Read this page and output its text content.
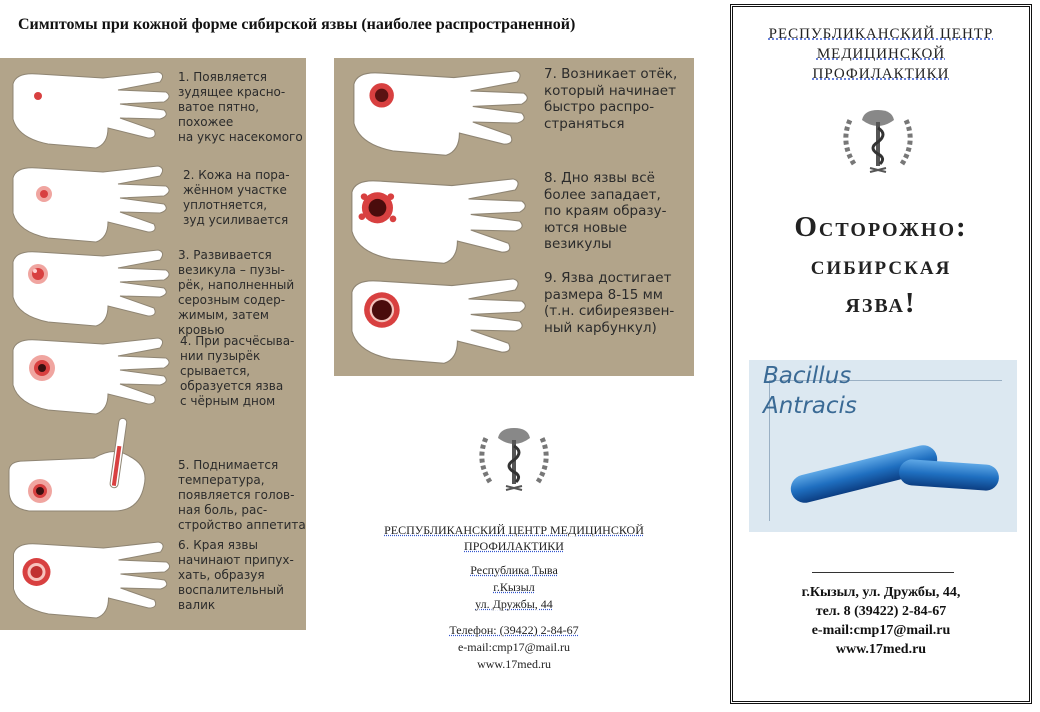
Симптомы при кожной форме сибирской язвы (наиболее распространенной)
1. Появляется
зудящее красно-
ватое пятно,
похожее
на укус насекомого
2. Кожа на пора-
жённом участке
уплотняется,
зуд усиливается
3. Развивается
везикула – пузы-
рёк, наполненный
серозным содер-
жимым, затем
кровью
4. При расчёсыва-
нии пузырёк
срывается,
образуется язва
с чёрным дном
5. Поднимается
температура,
появляется голов-
ная боль, рас-
стройство аппетита
6. Края язвы
начинают припух-
хать, образуя
воспалительный
валик
7. Возникает отёк,
который начинает
быстро распро-
страняться
8. Дно язвы всё
более западает,
по краям образу-
ются новые
везикулы
9. Язва достигает
размера 8-15 мм
(т.н. сибиреязвен-
ный карбункул)
РЕСПУБЛИКАНСКИЙ ЦЕНТР МЕДИЦИНСКОЙ
ПРОФИЛАКТИКИ
Республика Тыва
г.Кызыл
ул. Дружбы, 44
Телефон: (39422) 2-84-67
e-mail:cmp17@mail.ru
www.17med.ru
РЕСПУБЛИКАНСКИЙ ЦЕНТР
МЕДИЦИНСКОЙ
ПРОФИЛАКТИКИ
Осторожно:
сибирская
язва!
Bacillus
Antracis
г.Кызыл, ул. Дружбы, 44,
тел. 8 (39422) 2-84-67
e-mail:cmp17@mail.ru
www.17med.ru
